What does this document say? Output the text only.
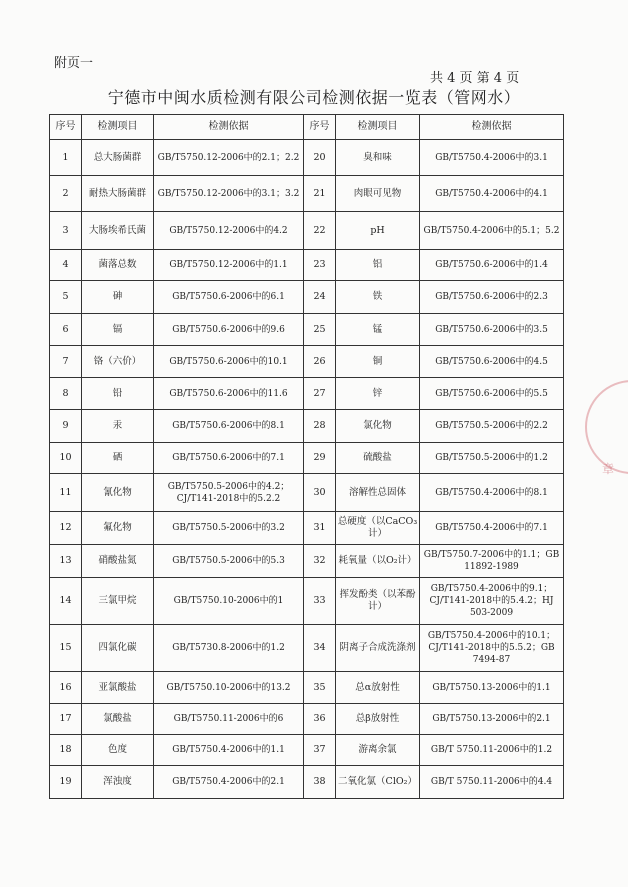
附页一
共 4 页 第 4 页
宁德市中闽水质检测有限公司检测依据一览表（管网水）
序号	检测项目	检测依据	序号	检测项目	检测依据
1	总大肠菌群	GB/T5750.12-2006中的2.1；2.2	20	臭和味	GB/T5750.4-2006中的3.1
2	耐热大肠菌群	GB/T5750.12-2006中的3.1；3.2	21	肉眼可见物	GB/T5750.4-2006中的4.1
3	大肠埃希氏菌	GB/T5750.12-2006中的4.2	22	pH	GB/T5750.4-2006中的5.1；5.2
4	菌落总数	GB/T5750.12-2006中的1.1	23	铝	GB/T5750.6-2006中的1.4
5	砷	GB/T5750.6-2006中的6.1	24	铁	GB/T5750.6-2006中的2.3
6	镉	GB/T5750.6-2006中的9.6	25	锰	GB/T5750.6-2006中的3.5
7	铬（六价）	GB/T5750.6-2006中的10.1	26	铜	GB/T5750.6-2006中的4.5
8	铅	GB/T5750.6-2006中的11.6	27	锌	GB/T5750.6-2006中的5.5
9	汞	GB/T5750.6-2006中的8.1	28	氯化物	GB/T5750.5-2006中的2.2
10	硒	GB/T5750.6-2006中的7.1	29	硫酸盐	GB/T5750.5-2006中的1.2
11	氰化物	GB/T5750.5-2006中的4.2；CJ/T141-2018中的5.2.2	30	溶解性总固体	GB/T5750.4-2006中的8.1
12	氟化物	GB/T5750.5-2006中的3.2	31	总硬度（以CaCO₃计）	GB/T5750.4-2006中的7.1
13	硝酸盐氮	GB/T5750.5-2006中的5.3	32	耗氧量（以O₂计）	GB/T5750.7-2006中的1.1；GB 11892-1989
14	三氯甲烷	GB/T5750.10-2006中的1	33	挥发酚类（以苯酚计）	GB/T5750.4-2006中的9.1；CJ/T141-2018中的5.4.2；HJ 503-2009
15	四氯化碳	GB/T5730.8-2006中的1.2	34	阴离子合成洗涤剂	GB/T5750.4-2006中的10.1；CJ/T141-2018中的5.5.2；GB 7494-87
16	亚氯酸盐	GB/T5750.10-2006中的13.2	35	总α放射性	GB/T5750.13-2006中的1.1
17	氯酸盐	GB/T5750.11-2006中的6	36	总β放射性	GB/T5750.13-2006中的2.1
18	色度	GB/T5750.4-2006中的1.1	37	游离余氯	GB/T 5750.11-2006中的1.2
19	浑浊度	GB/T5750.4-2006中的2.1	38	二氧化氯（ClO₂）	GB/T 5750.11-2006中的4.4
章
